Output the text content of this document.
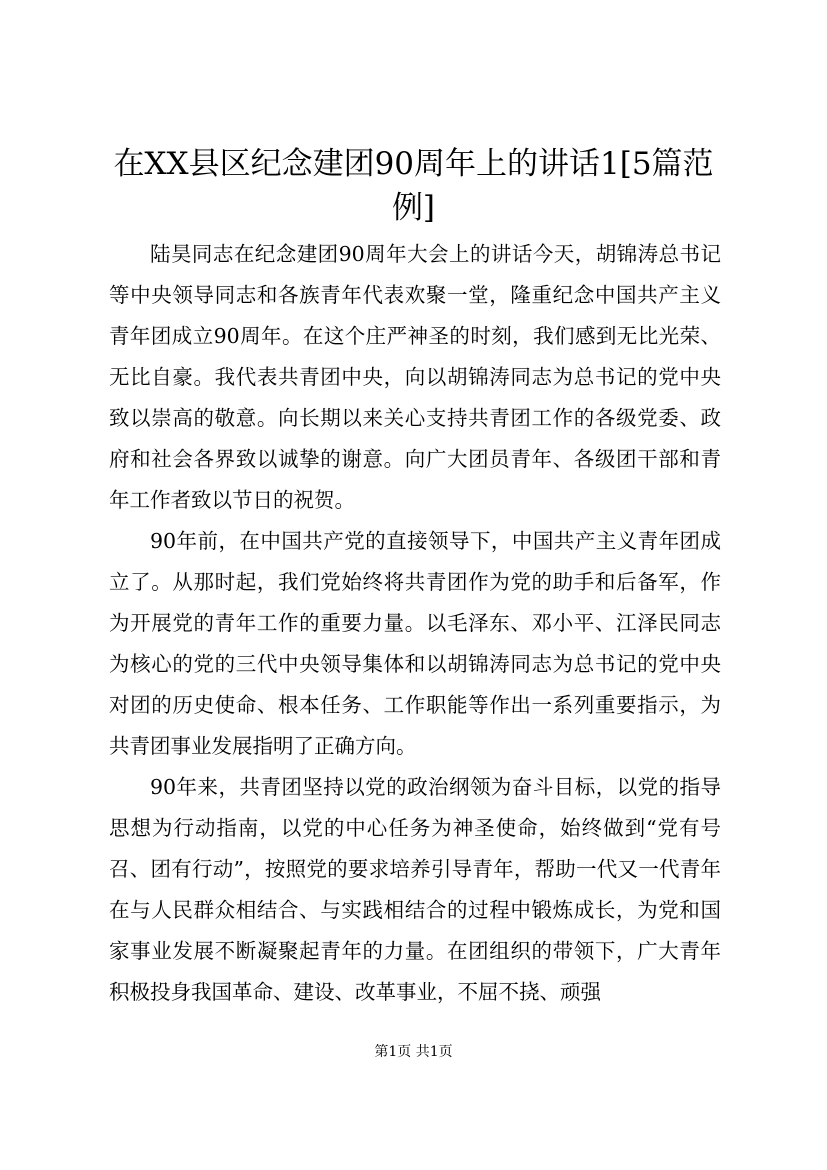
在XX县区纪念建团90周年上的讲话1[5篇范例]

陆昊同志在纪念建团90周年大会上的讲话今天，胡锦涛总书记等中央领导同志和各族青年代表欢聚一堂，隆重纪念中国共产主义青年团成立90周年。在这个庄严神圣的时刻，我们感到无比光荣、无比自豪。我代表共青团中央，向以胡锦涛同志为总书记的党中央致以崇高的敬意。向长期以来关心支持共青团工作的各级党委、政府和社会各界致以诚挚的谢意。向广大团员青年、各级团干部和青年工作者致以节日的祝贺。

90年前，在中国共产党的直接领导下，中国共产主义青年团成立了。从那时起，我们党始终将共青团作为党的助手和后备军，作为开展党的青年工作的重要力量。以毛泽东、邓小平、江泽民同志为核心的党的三代中央领导集体和以胡锦涛同志为总书记的党中央对团的历史使命、根本任务、工作职能等作出一系列重要指示，为共青团事业发展指明了正确方向。

90年来，共青团坚持以党的政治纲领为奋斗目标，以党的指导思想为行动指南，以党的中心任务为神圣使命，始终做到“党有号召、团有行动”，按照党的要求培养引导青年，帮助一代又一代青年在与人民群众相结合、与实践相结合的过程中锻炼成长，为党和国家事业发展不断凝聚起青年的力量。在团组织的带领下，广大青年积极投身我国革命、建设、改革事业，不屈不挠、顽强

第1页 共1页
